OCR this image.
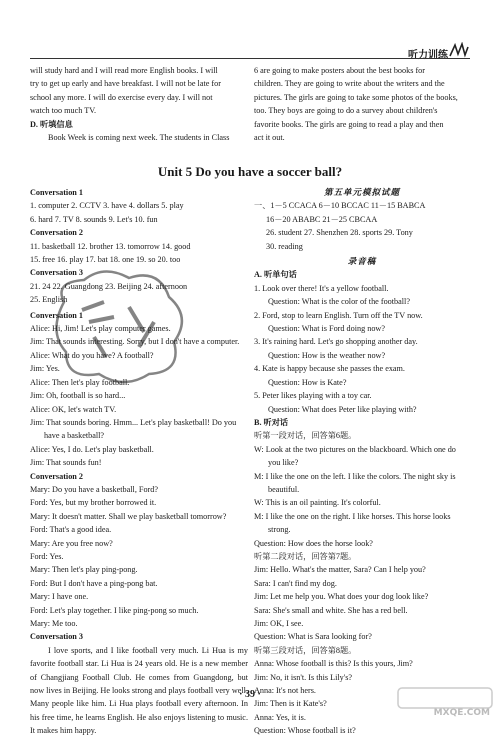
听力训练

will study hard and I will read more English books. I will

try to get up early and have breakfast. I will not be late for

school any more. I will do exercise every day. I will not

watch too much TV.

D. 听填信息

Book Week is coming next week. The students in Class

6 are going to make posters about the best books for

children. They are going to write about the writers and the

pictures. The girls are going to take some photos of the books,

too. They boys are going to do a survey about children's

favorite books. The girls are going to read a play and then

act it out.

Unit 5 Do you have a soccer ball?

Conversation 1

1. computer 2. CCTV 3. have 4. dollars 5. play

6. hard 7. TV 8. sounds 9. Let's 10. fun

Conversation 2

11. basketball 12. brother 13. tomorrow 14. good

15. free 16. play 17. bat 18. one 19. so 20. too

Conversation 3

21. 24 22. Guangdong 23. Beijing 24. afternoon

25. English

Conversation 1

Alice: Hi, Jim! Let's play computer games.

Jim: That sounds interesting. Sorry, but I don't have a computer.

Alice: What do you have? A football?

Jim: Yes.

Alice: Then let's play football.

Jim: Oh, football is so hard...

Alice: OK, let's watch TV.

Jim: That sounds boring. Hmm... Let's play basketball! Do you have a basketball?

Alice: Yes, I do. Let's play basketball.

Jim: That sounds fun!

Conversation 2

Mary: Do you have a basketball, Ford?

Ford: Yes, but my brother borrowed it.

Mary: It doesn't matter. Shall we play basketball tomorrow?

Ford: That's a good idea.

Mary: Are you free now?

Ford: Yes.

Mary: Then let's play ping-pong.

Ford: But I don't have a ping-pong bat.

Mary: I have one.

Ford: Let's play together. I like ping-pong so much.

Mary: Me too.

Conversation 3

I love sports, and I like football very much. Li Hua is my favorite football star. Li Hua is 24 years old. He is a new member of Changjiang Football Club. He comes from Guangdong, but now lives in Beijing. He looks strong and plays football very well. Many people like him. Li Hua plays football every afternoon. In his free time, he learns English. He also enjoys listening to music. It makes him happy.

第五单元模拟试题

一、1－5 CCACA 6－10 BCCAC 11－15 BABCA

16－20 ABABC 21－25 CBCAA

26. student 27. Shenzhen 28. sports 29. Tony

30. reading

录音稿

A. 听单句话

1. Look over there! It's a yellow football.

Question: What is the color of the football?

2. Ford, stop to learn English. Turn off the TV now.

Question: What is Ford doing now?

3. It's raining hard. Let's go shopping another day.

Question: How is the weather now?

4. Kate is happy because she passes the exam.

Question: How is Kate?

5. Peter likes playing with a toy car.

Question: What does Peter like playing with?

B. 听对话

听第一段对话，回答第6题。

W: Look at the two pictures on the blackboard. Which one do you like?

M: I like the one on the left. I like the colors. The night sky is beautiful.

W: This is an oil painting. It's colorful.

M: I like the one on the right. I like horses. This horse looks strong.

Question: How does the horse look?

听第二段对话，回答第7题。

Jim: Hello. What's the matter, Sara? Can I help you?

Sara: I can't find my dog.

Jim: Let me help you. What does your dog look like?

Sara: She's small and white. She has a red bell.

Jim: OK, I see.

Question: What is Sara looking for?

听第三段对话，回答第8题。

Anna: Whose football is this? Is this yours, Jim?

Jim: No, it isn't. Is this Lily's?

Anna: It's not hers.

Jim: Then is it Kate's?

Anna: Yes, it is.

Question: Whose football is it?

· 39 ·
MXQE.COM
